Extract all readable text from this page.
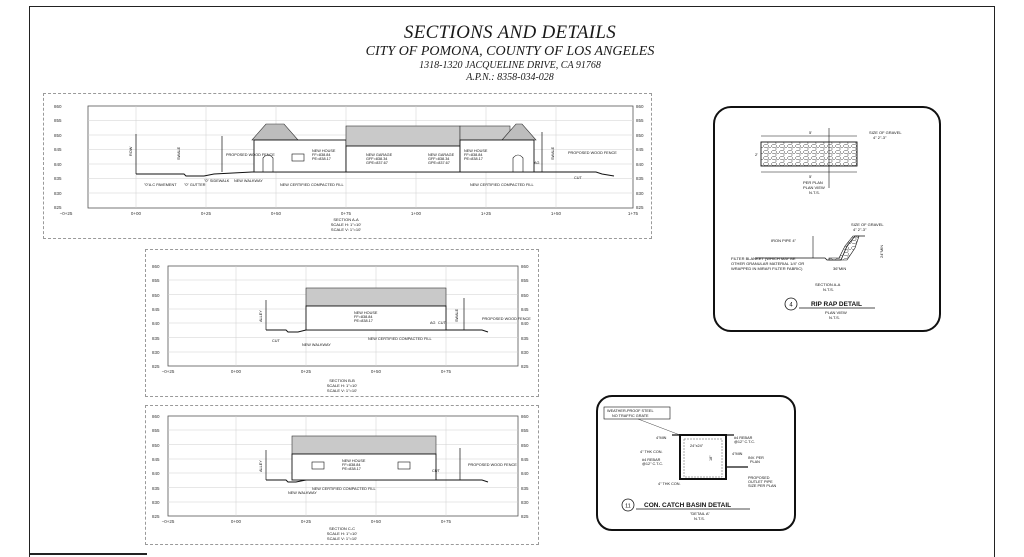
SECTIONS AND DETAILS
CITY OF POMONA, COUNTY OF LOS ANGELES
1318-1320 JACQUELINE DRIVE, CA 91768
A.P.N.: 8358-034-028
860
855
850
845
840
835
830
825
860
855
850
845
840
835
830
825
−0+25	0+00	0+25	0+50	0+75	1+00	1+25	1+50	1+75
NEW HOUSE
FF=838.84
PE=838.17
NEW GARAGE
GFF=838.34
GPE=837.67
NEW GARAGE
GFF=838.34
GPE=837.67
NEW HOUSE
FF=838.84
PE=838.17
PROPOSED WOOD FENCE	PROPOSED WOOD FENCE
"0"A.C PAVEMENT "0" GUTTER
"0" SIDEWALK NEW WALKWAY
NEW CERTIFIED COMPACTED FILL	NEW CERTIFIED COMPACTED FILL
CUT
AG
ROW	SWALE	SWALE
SECTION A-A
SCALE H: 1"=10'
SCALE V: 1"=10'
860
855
850
845
840
835
830
825
860
855
850
845
840
835
830
825
−0+25	0+00	0+25	0+50	0+75
NEW HOUSE
FF=838.84
PE=838.17
NEW CERTIFIED COMPACTED FILL
PROPOSED WOOD FENCE
NEW WALKWAY
CUT
CUT
AG
ALLEY	SWALE
SECTION B-B
SCALE H: 1"=10'
SCALE V: 1"=10'
860
855
850
845
840
835
830
825
860
855
850
845
840
835
830
825
−0+25	0+00	0+25	0+50	0+75
NEW HOUSE
FF=838.84
PE=838.17
NEW CERTIFIED COMPACTED FILL
PROPOSED WOOD FENCE
NEW WALKWAY
CUT
ALLEY
SECTION C-C
SCALE H: 1"=10'
SCALE V: 1"=10'
SIZE OF GRAVEL
4" 2"-3"
5'
2'
5'
PER PLAN
PLAN VIEW
N.T.S.
IRON PIPE 4"
SIZE OF GRAVEL
4" 2"-3"
FILTER BLANKET (WHICH MAY BE
OTHER GRANULAR MATERIAL 1/4" OR
WRAPPED IN MIRAFI FILTER FABRIC)	36"MIN
24"MIN
SECTION A-A
N.T.S.
4	RIP RAP DETAIL
PLAN VIEW
N.T.S.
WEATHER-PROOF STEEL
NO TRAFFIC GRATE
24"x24"
4"MIN
4"MIN
4" THK CON.
#4 REBAR
@12" C.T.C.
#4 REBAR
@12" C.T.C.
INV. PER
PLAN
PROPOSED
OUTLET PIPE
SIZE PER PLAN
4" THK CON.
18"
11 CON. CATCH BASIN DETAIL
"DETAIL A"
N.T.S.
